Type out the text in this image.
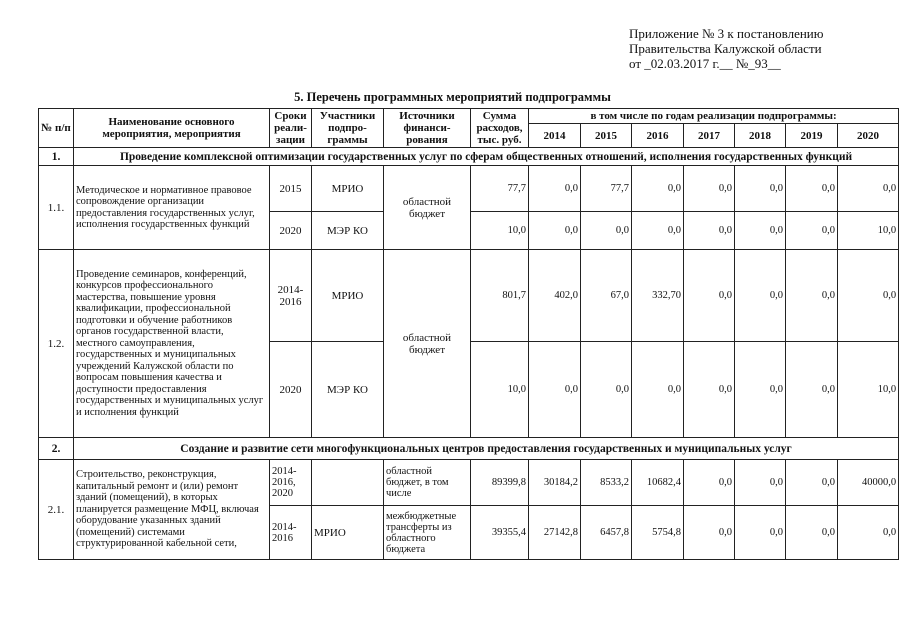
Приложение № 3 к постановлению
Правительства Калужской области
от _02.03.2017 г.__ №_93__
5. Перечень программных мероприятий подпрограммы
№ п/п	Наименование основного мероприятия, мероприятия	Сроки реали-зации	Участники подпро-граммы	Источники финанси-рования	Сумма расходов, тыс. руб.	в том числе по годам реализации подпрограммы:						
						2014	2015	2016	2017	2018	2019	2020
1.	Проведение комплексной оптимизации государственных услуг по сферам общественных отношений, исполнения государственных функций											
1.1.	Методическое и нормативное правовое сопровождение организации предоставления государственных услуг, исполнения государственных функций	2015	МРИО	областной бюджет	77,7	0,0	77,7	0,0	0,0	0,0	0,0	0,0
		2020	МЭР КО		10,0	0,0	0,0	0,0	0,0	0,0	0,0	10,0
1.2.	Проведение семинаров, конференций, конкурсов профессионального мастерства, повышение уровня квалификации, профессиональной подготовки и обучение работников органов государственной власти, местного самоуправления, государственных и муниципальных учреждений Калужской области по вопросам повышения качества и доступности предоставления государственных и муниципальных услуг и исполнения функций	2014-2016	МРИО	областной бюджет	801,7	402,0	67,0	332,70	0,0	0,0	0,0	0,0
		2020	МЭР КО		10,0	0,0	0,0	0,0	0,0	0,0	0,0	10,0
2.	Создание и развитие сети многофункциональных центров предоставления государственных и муниципальных услуг											
2.1.	Строительство, реконструкция, капитальный ремонт и (или) ремонт зданий (помещений), в которых планируется размещение МФЦ, включая оборудование указанных зданий (помещений) системами структурированной кабельной сети,	2014-2016, 2020		областной бюджет, в том числе	89399,8	30184,2	8533,2	10682,4	0,0	0,0	0,0	40000,0
		2014-2016	МРИО	межбюджетные трансферты из областного бюджета	39355,4	27142,8	6457,8	5754,8	0,0	0,0	0,0	0,0
